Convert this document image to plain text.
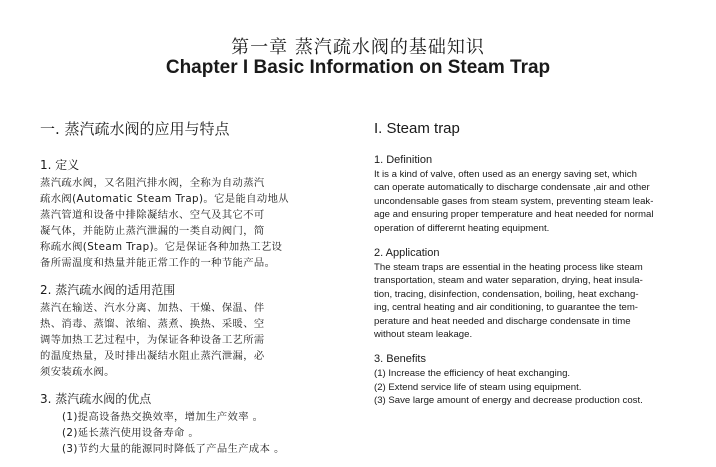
第一章 蒸汽疏水阀的基础知识
Chapter I Basic Information on Steam Trap
一. 蒸汽疏水阀的应用与特点
1. 定义

蒸汽疏水阀，又名阻汽排水阀，全称为自动蒸汽
疏水阀(Automatic Steam Trap)。它是能自动地从
蒸汽管道和设备中排除凝结水、空气及其它不可
凝气体，并能防止蒸汽泄漏的一类自动阀门，简
称疏水阀(Steam Trap)。它是保证各种加热工艺设
备所需温度和热量并能正常工作的一种节能产品。

2. 蒸汽疏水阀的适用范围

蒸汽在输送、汽水分离、加热、干燥、保温、伴
热、消毒、蒸馏、浓缩、蒸煮、换热、采暖、空
调等加热工艺过程中，为保证各种设备工艺所需
的温度热量，及时排出凝结水阻止蒸汽泄漏，必
须安装疏水阀。

3. 蒸汽疏水阀的优点
(1)提高设备热交换效率，增加生产效率 。
(2)延长蒸汽使用设备寿命 。
(3)节约大量的能源同时降低了产品生产成本 。
I. Steam trap
1. Definition

It is a kind of valve, often used as an energy saving set, which
can operate automatically to discharge condensate ,air and other
uncondensable gases from steam system, preventing steam leak-
age and ensuring proper temperature and heat needed for normal
operation of differernt heating equipment.

2. Application

The steam traps are essential in the heating process like steam
transportation, steam and water separation, drying, heat insula-
tion, tracing, disinfection, condensation, boiling, heat exchang-
ing, central heating and air conditioning, to guarantee the tem-
perature and heat needed and discharge condensate in time
without steam leakage.

3. Benefits

(1) Increase the efficiency of heat exchanging.
(2) Extend service life of steam using equipment.
(3) Save large amount of energy and decrease production cost.
